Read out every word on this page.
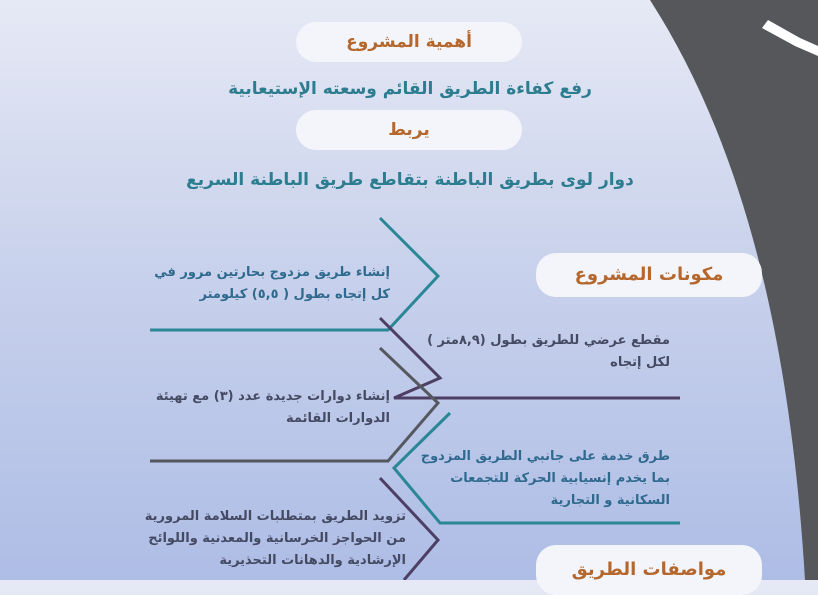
أهمية المشروع
رفع كفاءة الطريق القائم وسعته الإستيعابية
يربط
دوار لوى بطريق الباطنة بتقاطع طريق الباطنة السريع
مكونات المشروع
إنشاء طريق مزدوج بحارتين مرور في كل إتجاه بطول ( ٥,٥) كيلومتر
مقطع عرضي للطريق بطول (٨,٩متر ) لكل إتجاه
إنشاء دوارات جديدة عدد (٣) مع تهيئة الدوارات القائمة
طرق خدمة على جانبي الطريق المزدوج بما يخدم إنسيابية الحركة للتجمعات السكانية و التجارية
تزويد الطريق بمتطلبات السلامة المرورية من الحواجز الخرسانية والمعدنية واللوائح الإرشادية والدهانات التحذيرية	مواصفات الطريق
